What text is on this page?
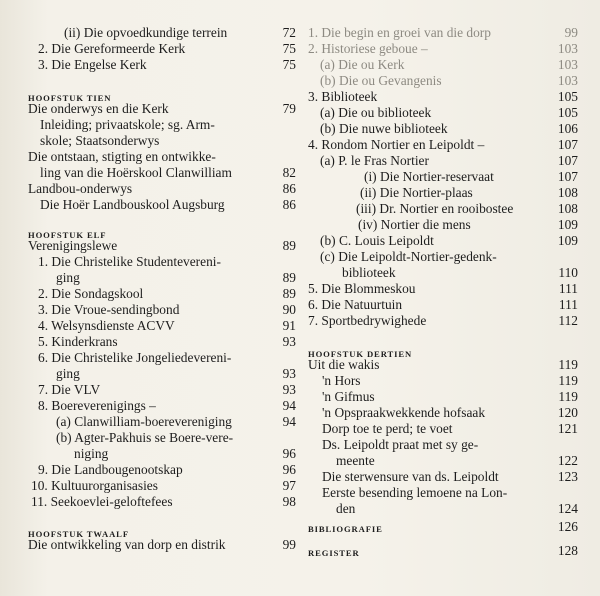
(ii) Die opvoedkundige terrein	72
2. Die Gereformeerde Kerk	75
3. Die Engelse Kerk	75
HOOFSTUK TIEN
Die onderwys en die Kerk	79
Inleiding; privaatskole; sg. Arm-
skole; Staatsonderwys
Die ontstaan, stigting en ontwikke-
ling van die Hoërskool Clanwilliam	82
Landbou-onderwys	86
Die Hoër Landbouskool Augsburg	86
HOOFSTUK ELF
Verenigingslewe	89
1. Die Christelike Studentevereni-
ging	89
2. Die Sondagskool	89
3. Die Vroue-sendingbond	90
4. Welsynsdienste ACVV	91
5. Kinderkrans	93
6. Die Christelike Jongeliedeverenі-
ging	93
7. Die VLV	93
8. Boereverenigings –	94
(a) Clanwilliam-boerevereniging	94
(b) Agter-Pakhuis se Boere-vere-
niging	96
9. Die Landbougenootskap	96
10. Kultuurorganisasies	97
11. Seekoevlei-geloftefees	98
HOOFSTUK TWAALF
Die ontwikkeling van dorp en distrik	99
1. Die begin en groei van die dorp	99
2. Historiese geboue –	103
(a) Die ou Kerk	103
(b) Die ou Gevangenis	103
3. Biblioteek	105
(a) Die ou biblioteek	105
(b) Die nuwe biblioteek	106
4. Rondom Nortier en Leipoldt –	107
(a) P. le Fras Nortier	107
(i) Die Nortier-reservaat	107
(ii) Die Nortier-plaas	108
(iii) Dr. Nortier en rooibostee	108
(iv) Nortier die mens	109
(b) C. Louis Leipoldt	109
(c) Die Leipoldt-Nortier-gedenk-
biblioteek	110
5. Die Blommeskou	111
6. Die Natuurtuin	111
7. Sportbedrywighede	112
HOOFSTUK DERTIEN
Uit die wakis	119
'n Hors	119
'n Gifmus	119
'n Opspraakwekkende hofsaak	120
Dorp toe te perd; te voet	121
Ds. Leipoldt praat met sy ge-
meente	122
Die sterwensure van ds. Leipoldt	123
Eerste besending lemoene na Lon-
den	124
BIBLIOGRAFIE	126
REGISTER	128
